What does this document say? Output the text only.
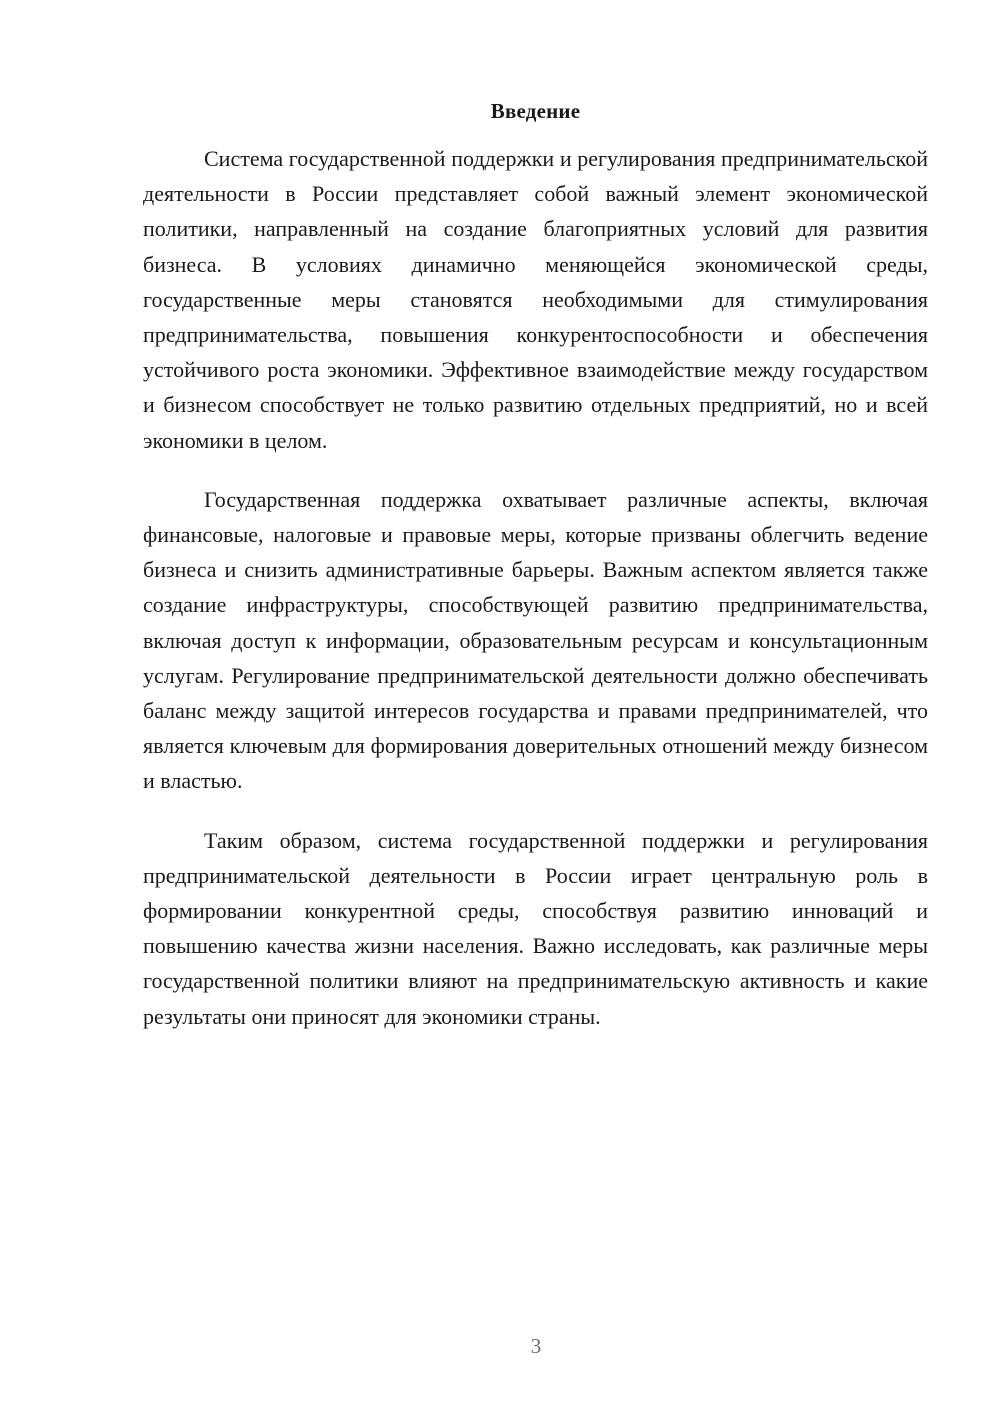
Введение

Система государственной поддержки и регулирования предпринимательской деятельности в России представляет собой важный элемент экономической политики, направленный на создание благоприятных условий для развития бизнеса. В условиях динамично меняющейся экономической среды, государственные меры становятся необходимыми для стимулирования предпринимательства, повышения конкурентоспособности и обеспечения устойчивого роста экономики. Эффективное взаимодействие между государством и бизнесом способствует не только развитию отдельных предприятий, но и всей экономики в целом.

Государственная поддержка охватывает различные аспекты, включая финансовые, налоговые и правовые меры, которые призваны облегчить ведение бизнеса и снизить административные барьеры. Важным аспектом является также создание инфраструктуры, способствующей развитию предпринимательства, включая доступ к информации, образовательным ресурсам и консультационным услугам. Регулирование предпринимательской деятельности должно обеспечивать баланс между защитой интересов государства и правами предпринимателей, что является ключевым для формирования доверительных отношений между бизнесом и властью.

Таким образом, система государственной поддержки и регулирования предпринимательской деятельности в России играет центральную роль в формировании конкурентной среды, способствуя развитию инноваций и повышению качества жизни населения. Важно исследовать, как различные меры государственной политики влияют на предпринимательскую активность и какие результаты они приносят для экономики страны.

3
